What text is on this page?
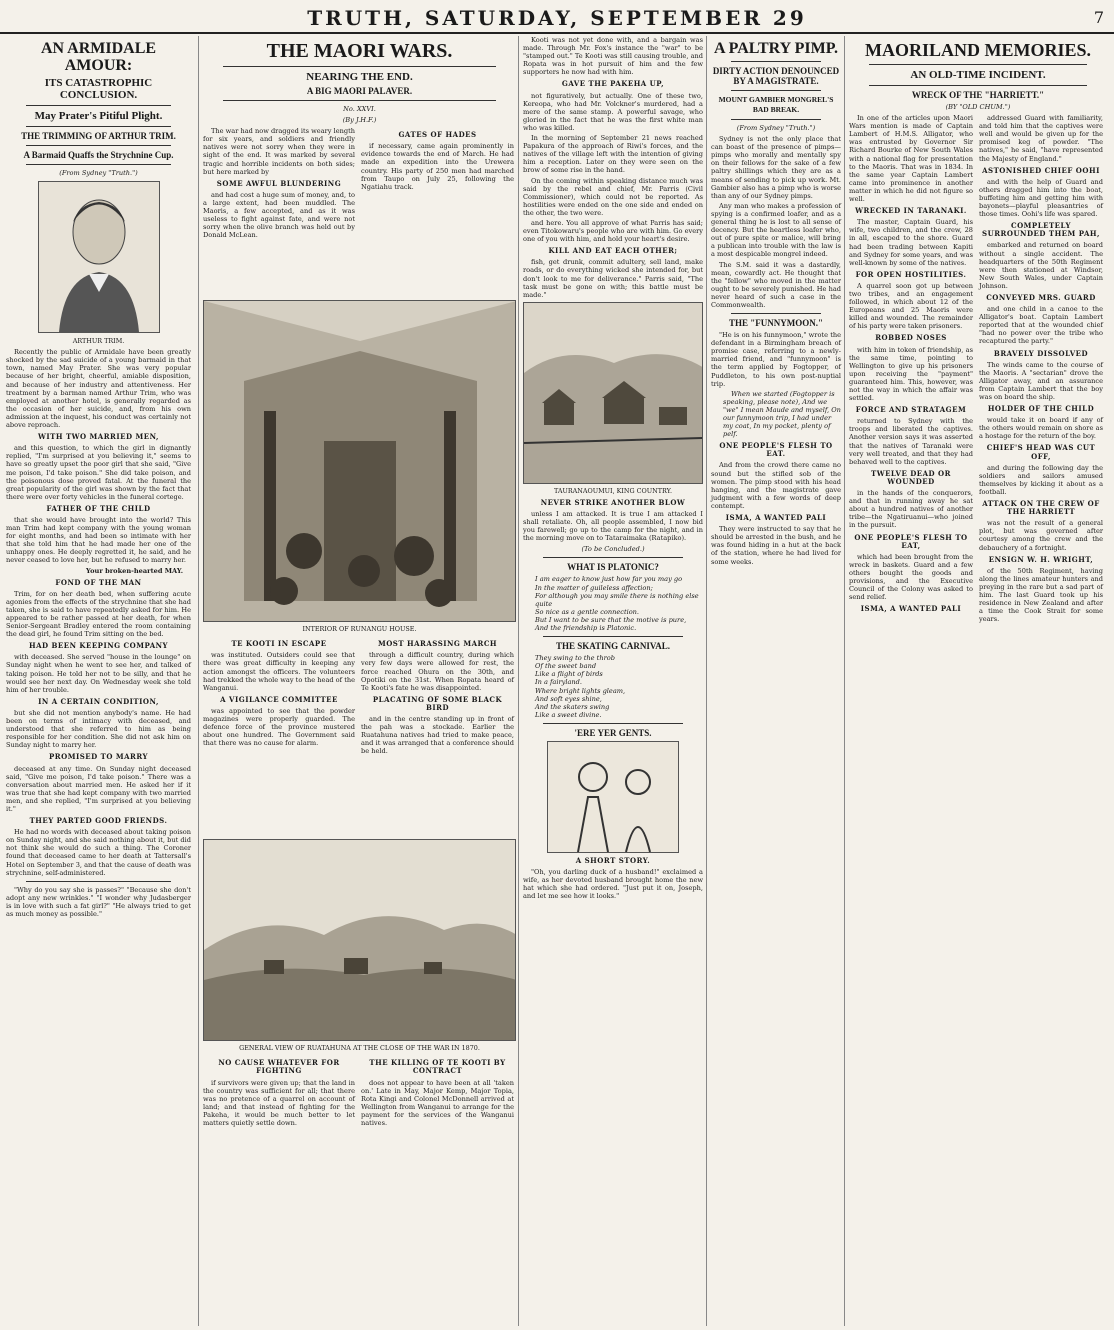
TRUTH, SATURDAY, SEPTEMBER 29	7
AN ARMIDALE AMOUR:
ITS CATASTROPHIC CONCLUSION.
May Prater's Pitiful Plight.
THE TRIMMING OF ARTHUR TRIM.
A Barmaid Quaffs the Strychnine Cup.
(From Sydney "Truth.")
ARTHUR TRIM.

Recently the public of Armidale have been greatly shocked by the sad suicide of a young barmaid in that town, named May Prater. She was very popular because of her bright, cheerful, amiable disposition, and because of her industry and attentiveness. Her treatment by a barman named Arthur Trim, who was employed at another hotel, is generally regarded as the occasion of her suicide, and, from his own admission at the inquest, his conduct was certainly not above reproach.

WITH TWO MARRIED MEN,

and this question, to which the girl in dignantly replied, "I'm surprised at you believing it," seems to have so greatly upset the poor girl that she said, "Give me poison, I'd take poison." She did take poison, and the poisonous dose proved fatal. At the funeral the great popularity of the girl was shown by the fact that there were over forty vehicles in the funeral cortege.

FATHER OF THE CHILD

that she would have brought into the world? This man Trim had kept company with the young woman for eight months, and had been so intimate with her that she told him that he had made her one of the unhappy ones. He deeply regretted it, he said, and he never ceased to love her, but he refused to marry her.

Your broken-hearted MAY.
FOND OF THE MAN

Trim, for on her death bed, when suffering acute agonies from the effects of the strychnine that she had taken, she is said to have repeatedly asked for him. He appeared to be rather passed at her death, for when Senior-Sergeant Bradley entered the room containing the dead girl, he found Trim sitting on the bed.

HAD BEEN KEEPING COMPANY

with deceased. She served "house in the lounge" on Sunday night when he went to see her, and talked of taking poison. He told her not to be silly, and that he would see her next day. On Wednesday week she told him of her trouble.

IN A CERTAIN CONDITION,

but she did not mention anybody's name. He had been on terms of intimacy with deceased, and understood that she referred to him as being responsible for her condition. She did not ask him on Sunday night to marry her.

PROMISED TO MARRY

deceased at any time. On Sunday night deceased said, "Give me poison, I'd take poison." There was a conversation about married men. He asked her if it was true that she had kept company with two married men, and she replied, "I'm surprised at you believing it."

THEY PARTED GOOD FRIENDS.

He had no words with deceased about taking poison on Sunday night, and she said nothing about it, but did not think she would do such a thing. The Coroner found that deceased came to her death at Tattersall's Hotel on September 3, and that the cause of death was strychnine, self-administered.

"Why do you say she is passes?" "Because she don't adopt any new wrinkles." "I wonder why Judasberger is in love with such a fat girl?" "He always tried to get as much money as possible."

THE MAORI WARS.
NEARING THE END.
A BIG MAORI PALAVER.
No. XXVI.
(By J.H.F.)

The war had now dragged its weary length for six years, and soldiers and friendly natives were not sorry when they were in sight of the end. It was marked by several tragic and horrible incidents on both sides; but here marked by

SOME AWFUL BLUNDERING

and had cost a huge sum of money, and, to a large extent, had been muddled. The Maoris, a few accepted, and as it was useless to fight against fate, and were not sorry when the olive branch was held out by Donald McLean.

GATES OF HADES

if necessary, came again prominently in evidence towards the end of March. He had made an expedition into the Urewera country. His party of 250 men had marched from Taupo on July 25, following the Ngatiahu track.

INTERIOR OF RUNANGU HOUSE.
TE KOOTI IN ESCAPE

was instituted. Outsiders could see that there was great difficulty in keeping any action amongst the officers. The volunteers had trekked the whole way to the head of the Wanganui.

A VIGILANCE COMMITTEE

was appointed to see that the powder magazines were properly guarded. The defence force of the province mustered about one hundred. The Government said that there was no cause for alarm.

MOST HARASSING MARCH

through a difficult country, during which very few days were allowed for rest, the force reached Ohura on the 30th, and Opotiki on the 31st. When Ropata heard of Te Kooti's fate he was disappointed.

PLACATING OF SOME BLACK BIRD

and in the centre standing up in front of the pah was a stockade. Earlier the Ruatahuna natives had tried to make peace, and it was arranged that a conference should be held.

GENERAL VIEW OF RUATAHUNA AT THE CLOSE OF THE WAR IN 1870.
NO CAUSE WHATEVER FOR FIGHTING

if survivors were given up; that the land in the country was sufficient for all; that there was no pretence of a quarrel on account of land; and that instead of fighting for the Pakeha, it would be much better to let matters quietly settle down.

THE KILLING OF TE KOOTI BY CONTRACT

does not appear to have been at all 'taken on.' Late in May, Major Kemp, Major Topia, Rota Kingi and Colonel McDonnell arrived at Wellington from Wanganui to arrange for the payment for the services of the Wanganui natives.

Kooti was not yet done with, and a bargain was made. Through Mr. Fox's instance the "war" to be "stamped out." Te Kooti was still causing trouble, and Ropata was in hot pursuit of him and the few supporters he now had with him.

GAVE THE PAKEHA UP,

not figuratively, but actually. One of these two, Kereopa, who had Mr. Volckner's murdered, had a mere of the same stamp. A powerful savage, who gloried in the fact that he was the first white man who was killed.

In the morning of September 21 news reached Papakura of the approach of Riwi's forces, and the natives of the village left with the intention of giving him a reception. Later on they were seen on the brow of some rise in the hand.

On the coming within speaking distance much was said by the rebel and chief, Mr. Parris (Civil Commissioner), which could not be reported. As hostilities were ended on the one side and ended on the other, the two were.

and here. You all approve of what Parris has said; even Titokowaru's people who are with him. Go every one of you with him, and hold your heart's desire.

KILL AND EAT EACH OTHER;

fish, get drunk, commit adultery, sell land, make roads, or do everything wicked she intended for, but don't look to me for deliverance." Parris said, "The task must be gone on with; this battle must be made."

TAURANAOUMUI, KING COUNTRY.
NEVER STRIKE ANOTHER BLOW

unless I am attacked. It is true I am attacked I shall retaliate. Oh, all people assembled, I now bid you farewell; go up to the camp for the night, and in the morning move on to Tataraimaka (Ratapiko).

(To be Concluded.)
WHAT IS PLATONIC?
I am eager to know just how far you may go
In the matter of guileless affection;
For although you may smile there is nothing else quite
So nice as a gentle connection.
But I want to be sure that the motive is pure,
And the friendship is Platonic.
THE SKATING CARNIVAL.
They swing to the throb
Of the sweet band
Like a flight of birds
In a fairyland.
Where bright lights gleam,
And soft eyes shine,
And the skaters swing
Like a sweet divine.
'ERE YER GENTS.
A SHORT STORY.

"Oh, you darling duck of a husband!" exclaimed a wife, as her devoted husband brought home the new hat which she had ordered. "Just put it on, Joseph, and let me see how it looks."

A PALTRY PIMP.
DIRTY ACTION DENOUNCED BY A MAGISTRATE.
MOUNT GAMBIER MONGREL'S BAD BREAK.
(From Sydney "Truth.")

Sydney is not the only place that can boast of the presence of pimps—pimps who morally and mentally spy on their fellows for the sake of a few paltry shillings which they are as a means of sending to pick up work. Mt. Gambier also has a pimp who is worse than any of our Sydney pimps.

Any man who makes a profession of spying is a confirmed loafer, and as a general thing he is lost to all sense of decency. But the heartless loafer who, out of pure spite or malice, will bring a publican into trouble with the law is a most despicable mongrel indeed.

The S.M. said it was a dastardly, mean, cowardly act. He thought that the "fellow" who moved in the matter ought to be severely punished. He had never heard of such a case in the Commonwealth.

THE "FUNNYMOON."

"He is on his funnymoon," wrote the defendant in a Birmingham breach of promise case, referring to a newly-married friend, and "funnymoon" is the term applied by Fogtopper, of Puddleton, to his own post-nuptial trip.

When we started (Fogtopper is speaking, please note), And we "we" I mean Maude and myself, On our funnymoon trip, I had under my coat, In my pocket, plenty of pelf.

ONE PEOPLE'S FLESH TO EAT.

And from the crowd there came no sound but the stifled sob of the women. The pimp stood with his head hanging, and the magistrate gave judgment with a few words of deep contempt.

ISMA, A WANTED PALI

They were instructed to say that he should be arrested in the bush, and he was found hiding in a hut at the back of the station, where he had lived for some weeks.

MAORILAND MEMORIES.
AN OLD-TIME INCIDENT.
WRECK OF THE "HARRIETT."
(BY "OLD CHUM.")

In one of the articles upon Maori Wars mention is made of Captain Lambert of H.M.S. Alligator, who was entrusted by Governor Sir Richard Bourke of New South Wales with a national flag for presentation to the Maoris. That was in 1834. In the same year Captain Lambert came into prominence in another matter in which he did not figure so well.

WRECKED IN TARANAKI.

The master, Captain Guard, his wife, two children, and the crew, 28 in all, escaped to the shore. Guard had been trading between Kapiti and Sydney for some years, and was well-known by some of the natives.

FOR OPEN HOSTILITIES.

A quarrel soon got up between two tribes, and an engagement followed, in which about 12 of the Europeans and 25 Maoris were killed and wounded. The remainder of his party were taken prisoners.

ROBBED NOSES

with him in token of friendship, as the same time, pointing to Wellington to give up his prisoners upon receiving the "payment" guaranteed him. This, however, was not the way in which the affair was settled.

FORCE AND STRATAGEM

returned to Sydney with the troops and liberated the captives. Another version says it was asserted that the natives of Taranaki were very well treated, and that they had behaved well to the captives.

TWELVE DEAD OR WOUNDED

in the hands of the conquerors, and that in running away he sat about a hundred natives of another tribe—the Ngatiruanui—who joined in the pursuit.

ONE PEOPLE'S FLESH TO EAT,

which had been brought from the wreck in baskets. Guard and a few others bought the goods and provisions, and the Executive Council of the Colony was asked to send relief.

ISMA, A WANTED PALI

addressed Guard with familiarity, and told him that the captives were well and would be given up for the promised keg of powder. "The natives," he said, "have represented the Majesty of England."

ASTONISHED CHIEF OOHI

and with the help of Guard and others dragged him into the boat, buffeting him and getting him with bayonets—playful pleasantries of those times. Oohi's life was spared.

COMPLETELY SURROUNDED THEM PAH,

embarked and returned on board without a single accident. The headquarters of the 50th Regiment were then stationed at Windsor, New South Wales, under Captain Johnson.

CONVEYED MRS. GUARD

and one child in a canoe to the Alligator's boat. Captain Lambert reported that at the wounded chief "had no power over the tribe who recaptured the party."

BRAVELY DISSOLVED

The winds came to the course of the Maoris. A "sectarian" drove the Alligator away, and an assurance from Captain Lambert that the boy was on board the ship.

HOLDER OF THE CHILD

would take it on board if any of the others would remain on shore as a hostage for the return of the boy.

CHIEF'S HEAD WAS CUT OFF,

and during the following day the soldiers and sailors amused themselves by kicking it about as a football.

ATTACK ON THE CREW OF THE HARRIETT

was not the result of a general plot, but was governed after courtesy among the crew and the debauchery of a fortnight.

ENSIGN W. H. WRIGHT,

of the 50th Regiment, having along the lines amateur hunters and preying in the rare but a sad part of him. The last Guard took up his residence in New Zealand and after a time the Cook Strait for some years.
